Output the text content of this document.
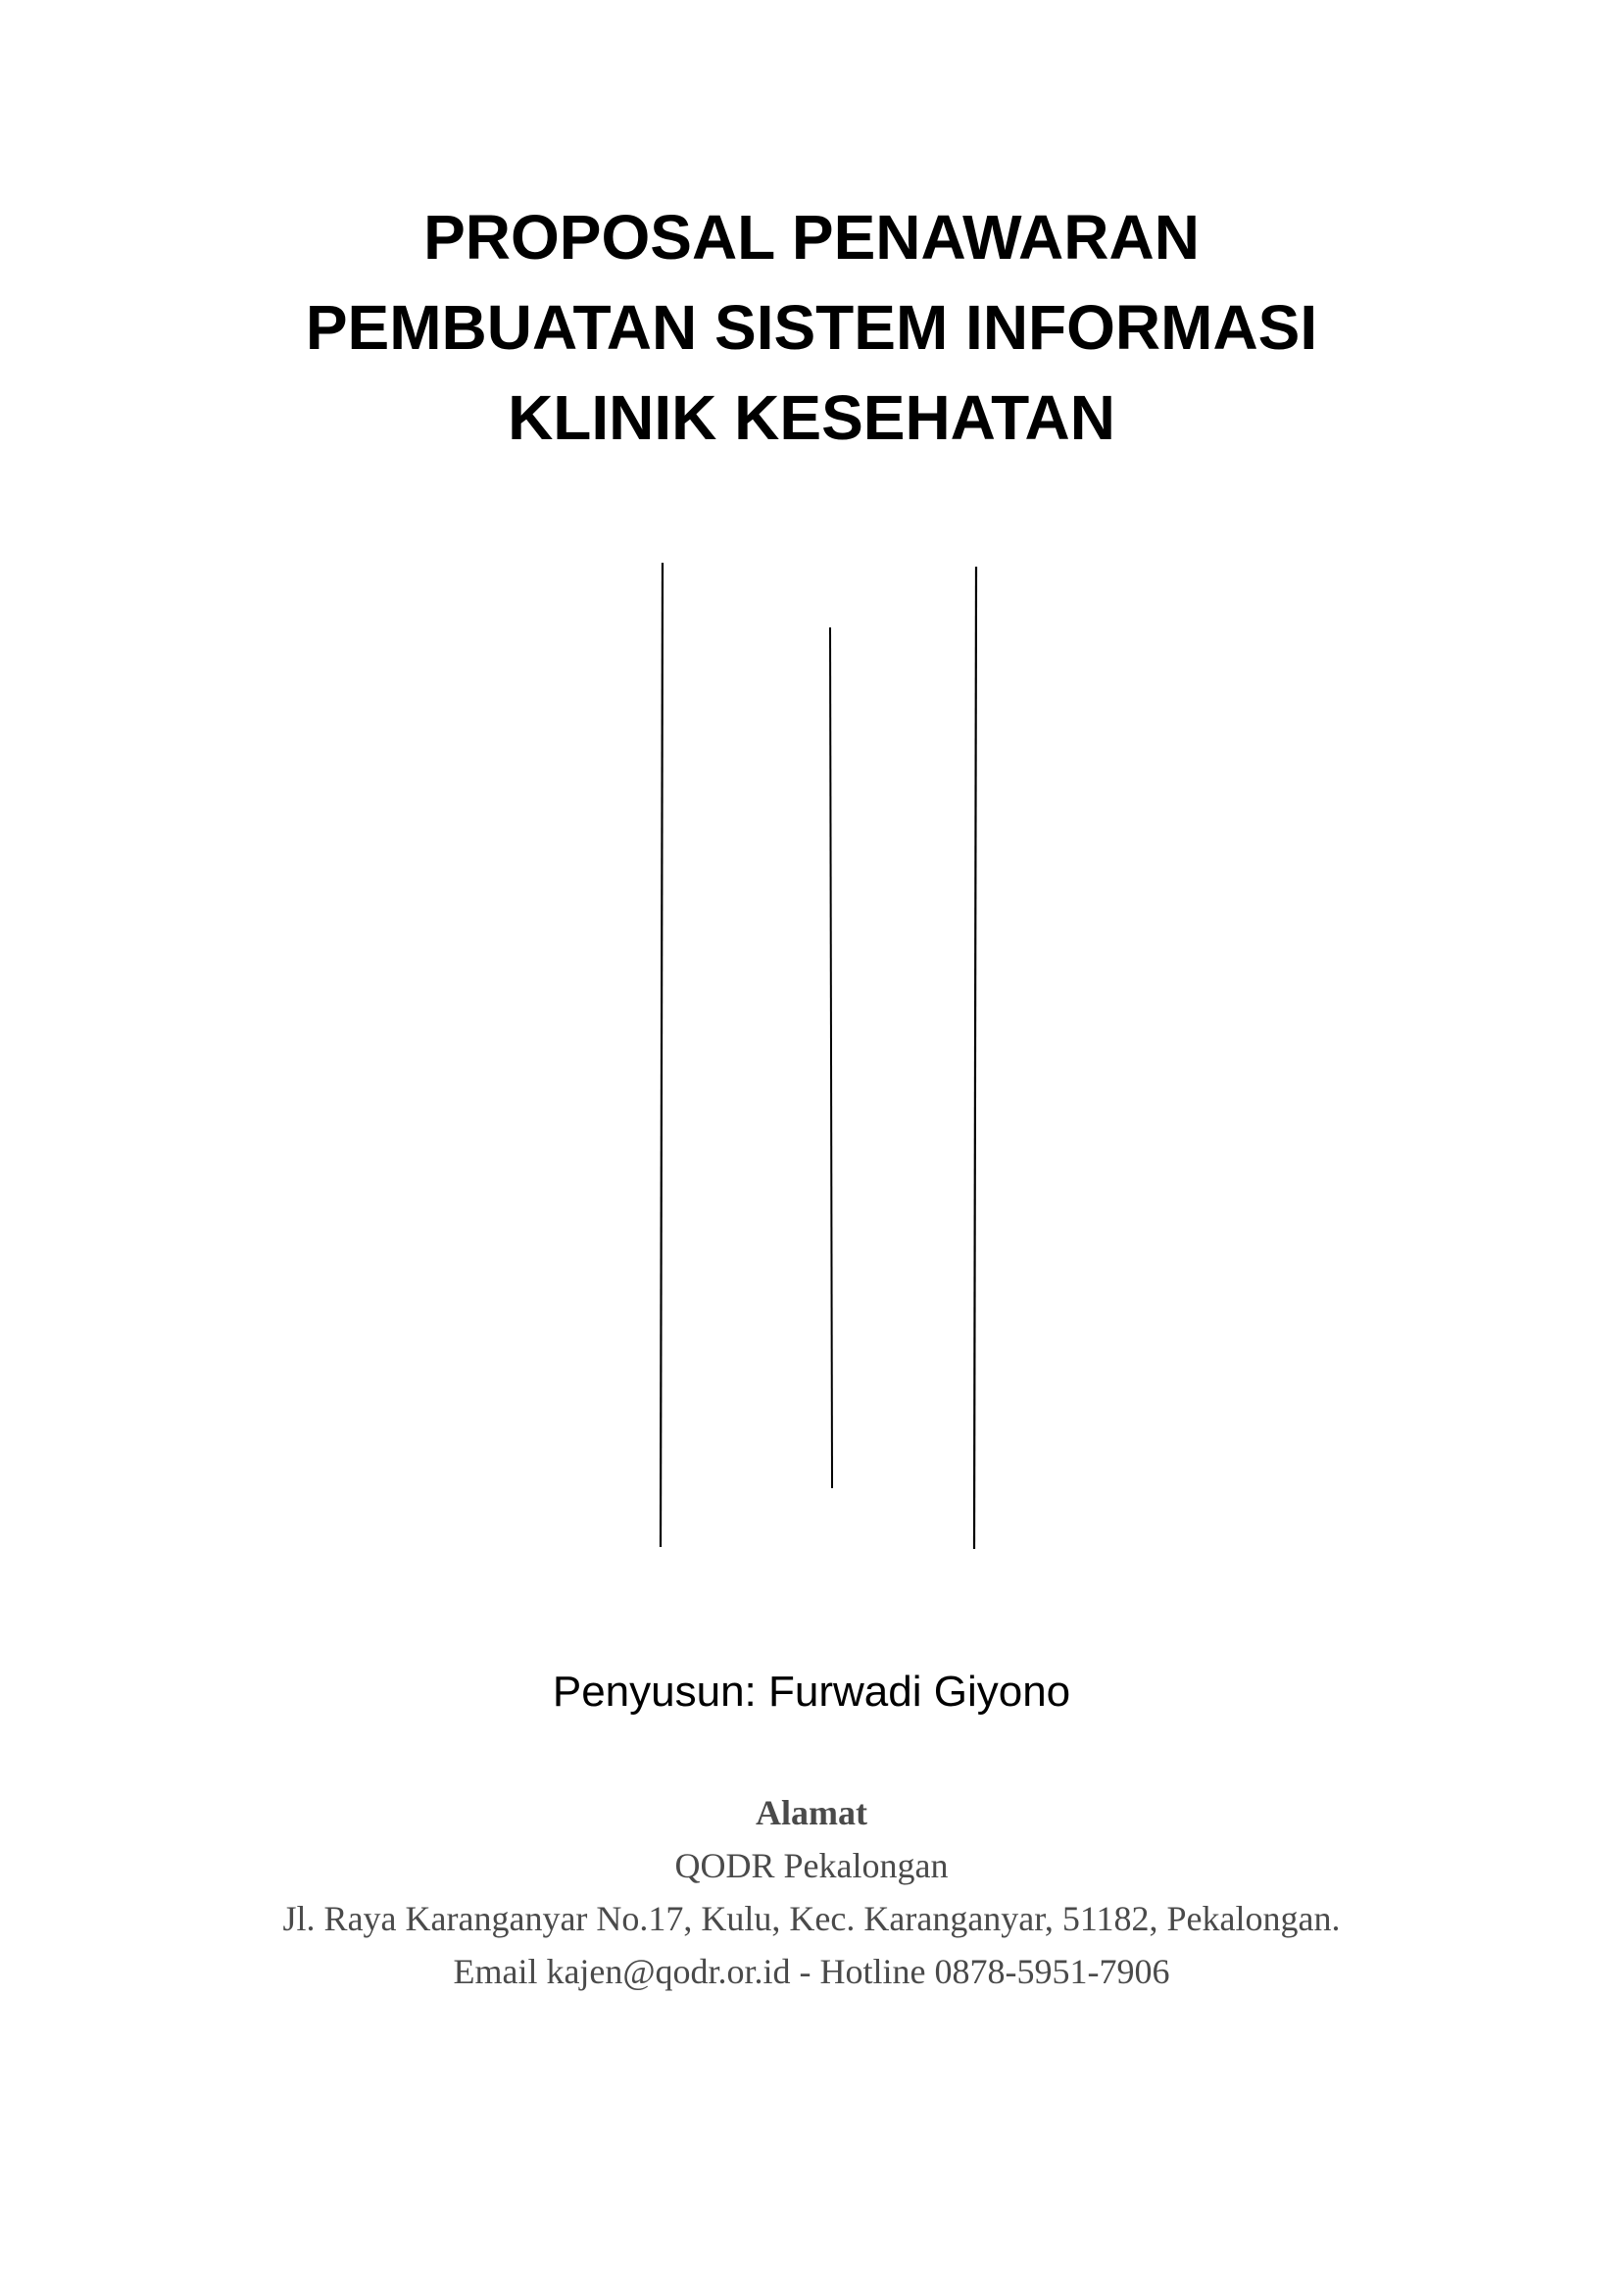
PROPOSAL PENAWARAN
PEMBUATAN SISTEM INFORMASI
KLINIK KESEHATAN
Penyusun: Furwadi Giyono
Alamat
QODR Pekalongan
Jl. Raya Karanganyar No.17, Kulu, Kec. Karanganyar, 51182, Pekalongan.
Email kajen@qodr.or.id - Hotline 0878-5951-7906
